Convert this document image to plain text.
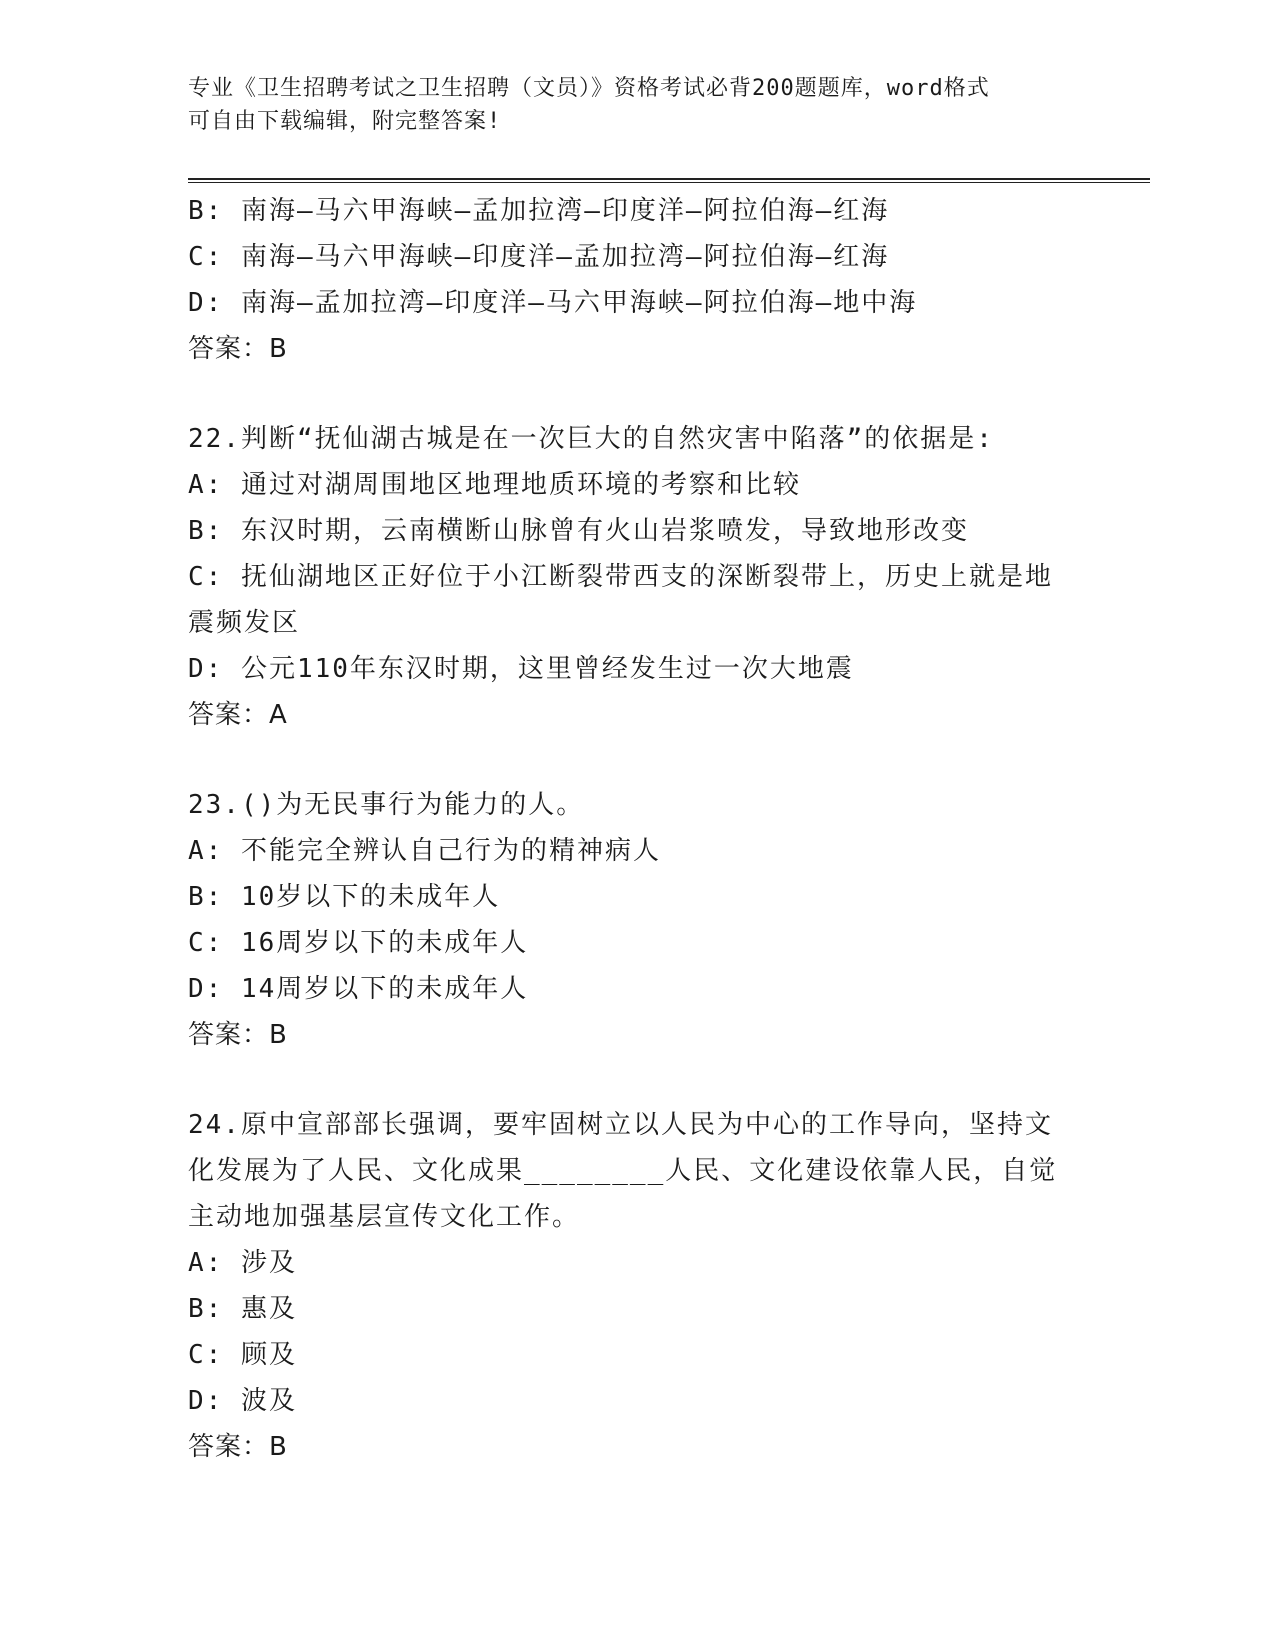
专业《卫生招聘考试之卫生招聘（文员）》资格考试必背200题题库，word格式
可自由下载编辑，附完整答案!
B: 南海—马六甲海峡—孟加拉湾—印度洋—阿拉伯海—红海
C: 南海—马六甲海峡—印度洋—孟加拉湾—阿拉伯海—红海
D: 南海—孟加拉湾—印度洋—马六甲海峡—阿拉伯海—地中海
答案：B
22.判断“抚仙湖古城是在一次巨大的自然灾害中陷落”的依据是:
A: 通过对湖周围地区地理地质环境的考察和比较
B: 东汉时期，云南横断山脉曾有火山岩浆喷发，导致地形改变
C: 抚仙湖地区正好位于小江断裂带西支的深断裂带上，历史上就是地
震频发区
D: 公元110年东汉时期，这里曾经发生过一次大地震
答案：A
23.()为无民事行为能力的人。
A: 不能完全辨认自己行为的精神病人
B: 10岁以下的未成年人
C: 16周岁以下的未成年人
D: 14周岁以下的未成年人
答案：B
24.原中宣部部长强调，要牢固树立以人民为中心的工作导向，坚持文
化发展为了人民、文化成果________人民、文化建设依靠人民，自觉
主动地加强基层宣传文化工作。
A: 涉及
B: 惠及
C: 顾及
D: 波及
答案：B
